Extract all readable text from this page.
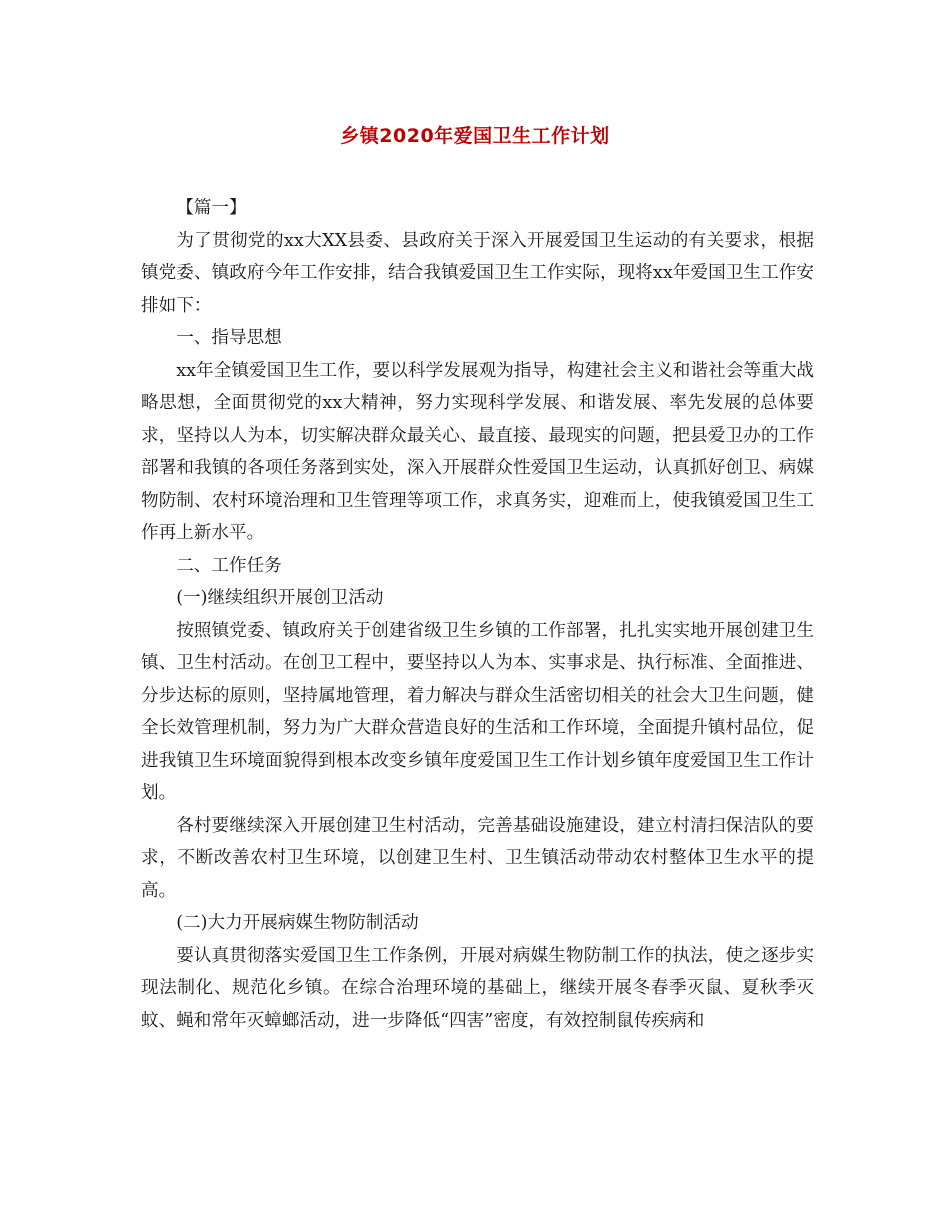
乡镇2020年爱国卫生工作计划

【篇一】

为了贯彻党的xx大XX县委、县政府关于深入开展爱国卫生运动的有关要求，根据镇党委、镇政府今年工作安排，结合我镇爱国卫生工作实际，现将xx年爱国卫生工作安排如下：

一、指导思想

xx年全镇爱国卫生工作，要以科学发展观为指导，构建社会主义和谐社会等重大战略思想，全面贯彻党的xx大精神，努力实现科学发展、和谐发展、率先发展的总体要求，坚持以人为本，切实解决群众最关心、最直接、最现实的问题，把县爱卫办的工作部署和我镇的各项任务落到实处，深入开展群众性爱国卫生运动，认真抓好创卫、病媒物防制、农村环境治理和卫生管理等项工作，求真务实，迎难而上，使我镇爱国卫生工作再上新水平。

二、工作任务

(一)继续组织开展创卫活动

按照镇党委、镇政府关于创建省级卫生乡镇的工作部署，扎扎实实地开展创建卫生镇、卫生村活动。在创卫工程中，要坚持以人为本、实事求是、执行标准、全面推进、分步达标的原则，坚持属地管理，着力解决与群众生活密切相关的社会大卫生问题，健全长效管理机制，努力为广大群众营造良好的生活和工作环境，全面提升镇村品位，促进我镇卫生环境面貌得到根本改变乡镇年度爱国卫生工作计划乡镇年度爱国卫生工作计划。

各村要继续深入开展创建卫生村活动，完善基础设施建设，建立村清扫保洁队的要求，不断改善农村卫生环境，以创建卫生村、卫生镇活动带动农村整体卫生水平的提高。

(二)大力开展病媒生物防制活动

要认真贯彻落实爱国卫生工作条例，开展对病媒生物防制工作的执法，使之逐步实现法制化、规范化乡镇。在综合治理环境的基础上，继续开展冬春季灭鼠、夏秋季灭蚊、蝇和常年灭蟑螂活动，进一步降低“四害”密度，有效控制鼠传疾病和
